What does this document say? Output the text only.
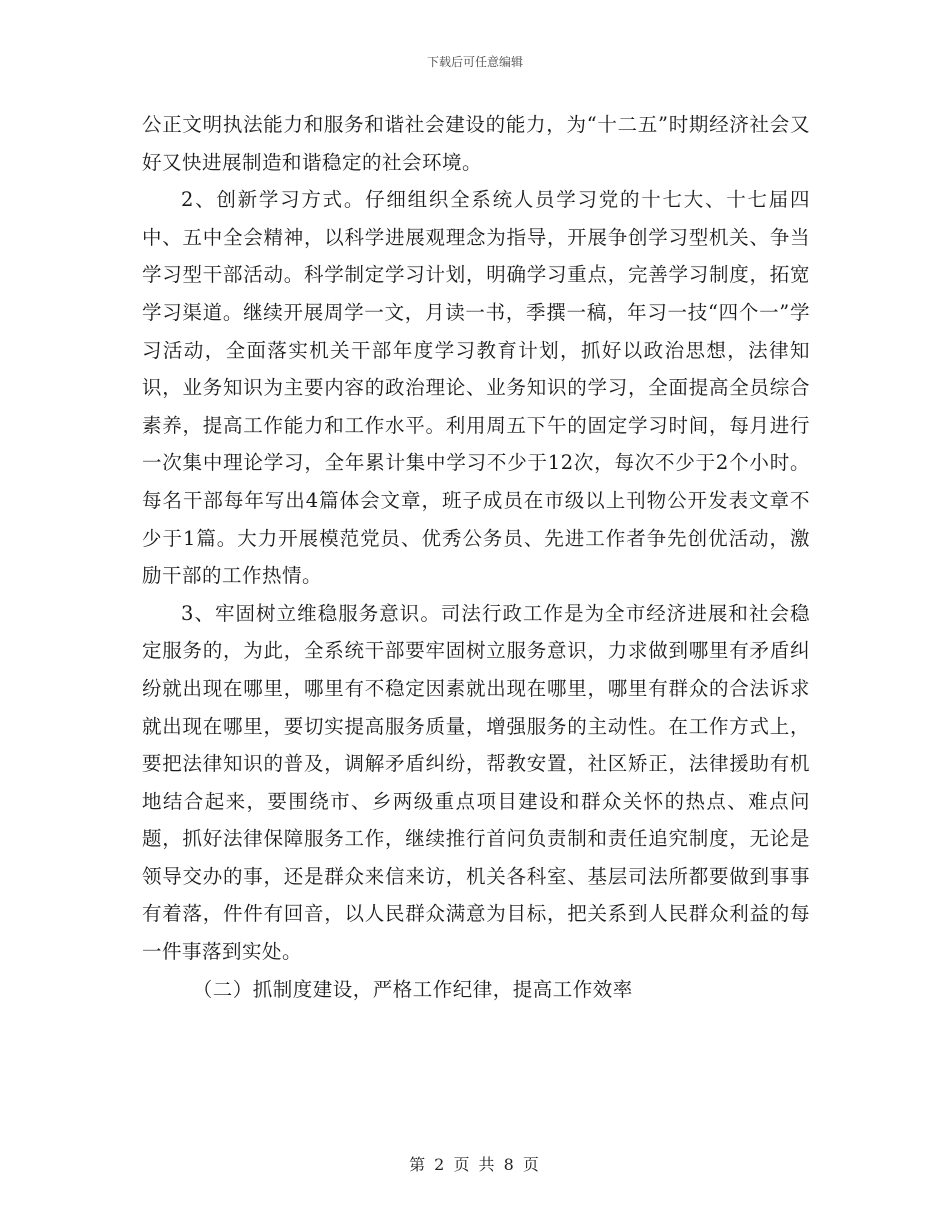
下载后可任意编辑

公正文明执法能力和服务和谐社会建设的能力，为“十二五”时期经济社会又好又快进展制造和谐稳定的社会环境。

2、创新学习方式。仔细组织全系统人员学习党的十七大、十七届四中、五中全会精神，以科学进展观理念为指导，开展争创学习型机关、争当学习型干部活动。科学制定学习计划，明确学习重点，完善学习制度，拓宽学习渠道。继续开展周学一文，月读一书，季撰一稿，年习一技“四个一”学习活动，全面落实机关干部年度学习教育计划，抓好以政治思想，法律知识，业务知识为主要内容的政治理论、业务知识的学习，全面提高全员综合素养，提高工作能力和工作水平。利用周五下午的固定学习时间，每月进行一次集中理论学习，全年累计集中学习不少于12次，每次不少于2个小时。每名干部每年写出4篇体会文章，班子成员在市级以上刊物公开发表文章不少于1篇。大力开展模范党员、优秀公务员、先进工作者争先创优活动，激励干部的工作热情。

3、牢固树立维稳服务意识。司法行政工作是为全市经济进展和社会稳定服务的，为此，全系统干部要牢固树立服务意识，力求做到哪里有矛盾纠纷就出现在哪里，哪里有不稳定因素就出现在哪里，哪里有群众的合法诉求就出现在哪里，要切实提高服务质量，增强服务的主动性。在工作方式上，要把法律知识的普及，调解矛盾纠纷，帮教安置，社区矫正，法律援助有机地结合起来，要围绕市、乡两级重点项目建设和群众关怀的热点、难点问题，抓好法律保障服务工作，继续推行首问负责制和责任追究制度，无论是领导交办的事，还是群众来信来访，机关各科室、基层司法所都要做到事事有着落，件件有回音，以人民群众满意为目标，把关系到人民群众利益的每一件事落到实处。

（二）抓制度建设，严格工作纪律，提高工作效率

第 2 页 共 8 页
